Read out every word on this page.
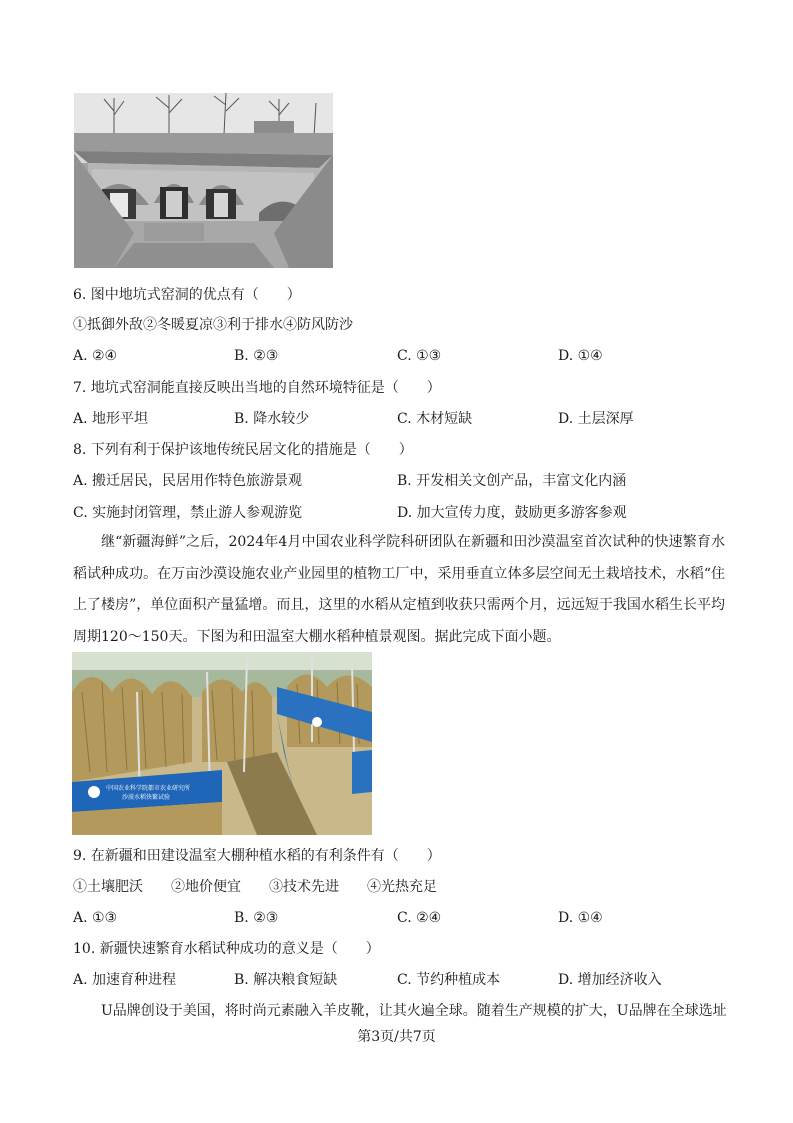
6. 图中地坑式窑洞的优点有（　　）
①抵御外敌②冬暖夏凉③利于排水④防风防沙
A. ②④	B. ②③	C. ①③	D. ①④
7. 地坑式窑洞能直接反映出当地的自然环境特征是（　　）
A. 地形平坦	B. 降水较少	C. 木材短缺	D. 土层深厚
8. 下列有利于保护该地传统民居文化的措施是（　　）
A. 搬迁居民，民居用作特色旅游景观	B. 开发相关文创产品，丰富文化内涵
C. 实施封闭管理，禁止游人参观游览	D. 加大宣传力度，鼓励更多游客参观
继“新疆海鲜”之后，2024年4月中国农业科学院科研团队在新疆和田沙漠温室首次试种的快速繁育水稻试种成功。在万亩沙漠设施农业产业园里的植物工厂中，采用垂直立体多层空间无土栽培技术，水稻“住上了楼房”，单位面积产量猛增。而且，这里的水稻从定植到收获只需两个月，远远短于我国水稻生长平均周期120～150天。下图为和田温室大棚水稻种植景观图。据此完成下面小题。
中国农业科学院都市农业研究所
沙漠水稻快繁试验
9. 在新疆和田建设温室大棚种植水稻的有利条件有（　　）
①土壤肥沃　　②地价便宜　　③技术先进　　④光热充足
A. ①③	B. ②③	C. ②④	D. ①④
10. 新疆快速繁育水稻试种成功的意义是（　　）
A. 加速育种进程	B. 解决粮食短缺	C. 节约种植成本	D. 增加经济收入
U品牌创设于美国，将时尚元素融入羊皮靴，让其火遍全球。随着生产规模的扩大，U品牌在全球选址
第3页/共7页
